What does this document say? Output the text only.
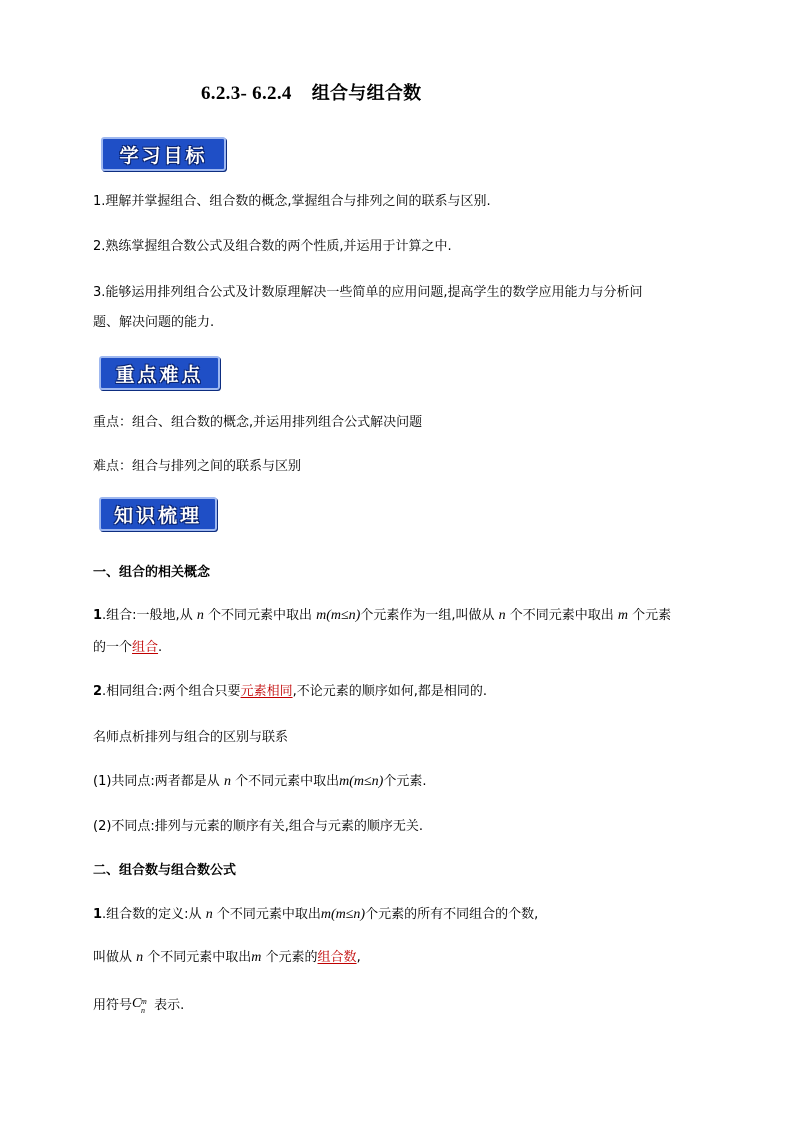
6.2.3- 6.2.4 组合与组合数
学习目标
1.理解并掌握组合、组合数的概念,掌握组合与排列之间的联系与区别.
2.熟练掌握组合数公式及组合数的两个性质,并运用于计算之中.
3.能够运用排列组合公式及计数原理解决一些简单的应用问题,提高学生的数学应用能力与分析问
题、解决问题的能力.
重点难点
重点：组合、组合数的概念,并运用排列组合公式解决问题
难点：组合与排列之间的联系与区别
知识梳理
一、组合的相关概念
1.组合:一般地,从 n 个不同元素中取出 m(m≤n)个元素作为一组,叫做从 n 个不同元素中取出 m 个元素
的一个组合.
2.相同组合:两个组合只要元素相同,不论元素的顺序如何,都是相同的.
名师点析排列与组合的区别与联系
(1)共同点:两者都是从 n 个不同元素中取出m(m≤n)个元素.
(2)不同点:排列与元素的顺序有关,组合与元素的顺序无关.
二、组合数与组合数公式
1.组合数的定义:从 n 个不同元素中取出m(m≤n)个元素的所有不同组合的个数,
叫做从 n 个不同元素中取出m 个元素的组合数,
用符号 C m
n 表示.
